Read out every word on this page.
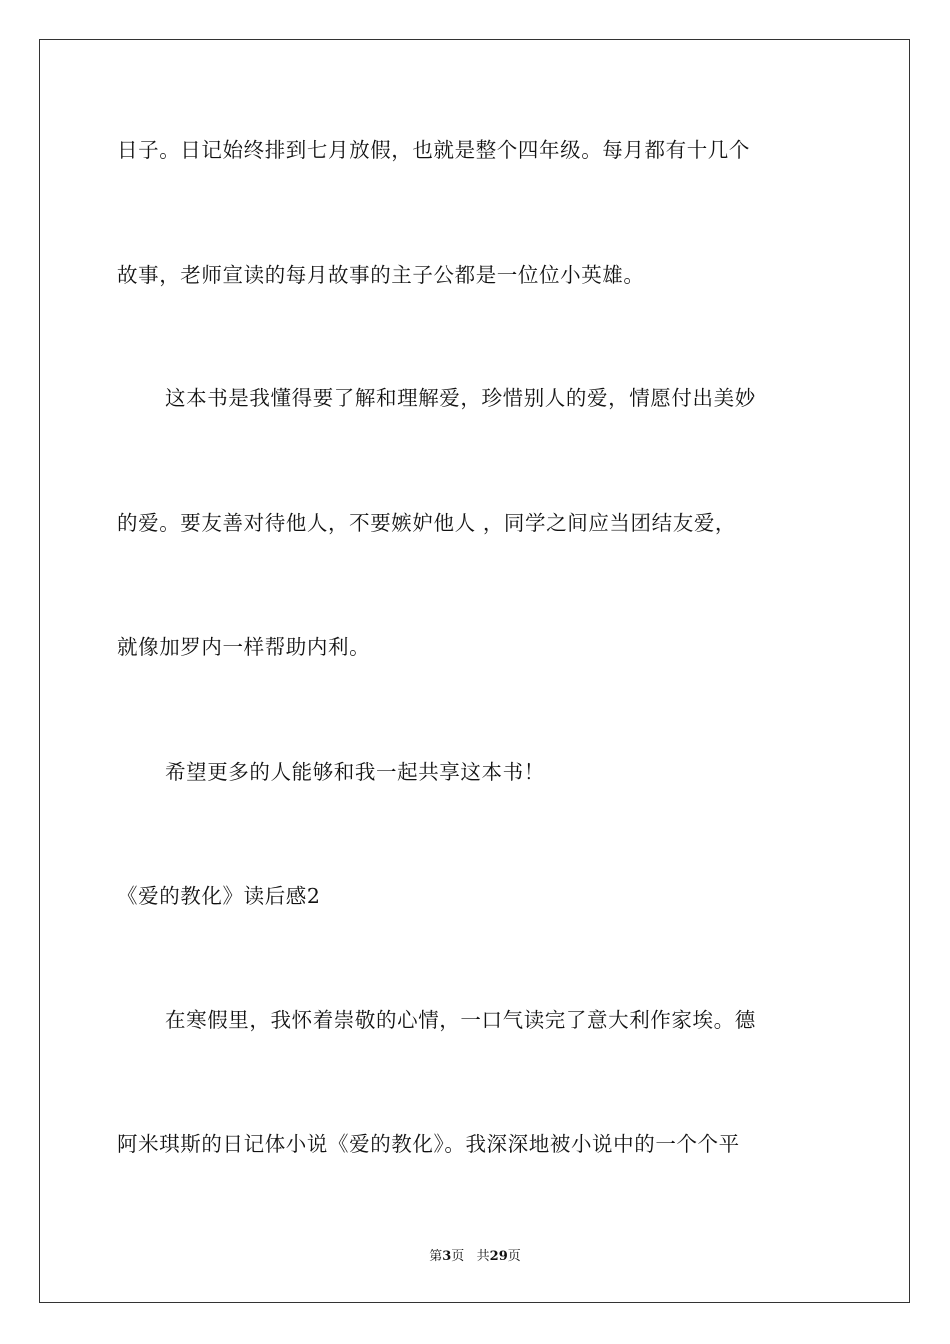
日子。日记始终排到七月放假，也就是整个四年级。每月都有十几个
故事，老师宣读的每月故事的主子公都是一位位小英雄。
这本书是我懂得要了解和理解爱，珍惜别人的爱，情愿付出美妙
的爱。要友善对待他人，不要嫉妒他人 ，同学之间应当团结友爱，
就像加罗内一样帮助内利。
希望更多的人能够和我一起共享这本书！
《爱的教化》读后感2
在寒假里，我怀着崇敬的心情，一口气读完了意大利作家埃。德
阿米琪斯的日记体小说《爱的教化》。我深深地被小说中的一个个平
第3页   共29页
